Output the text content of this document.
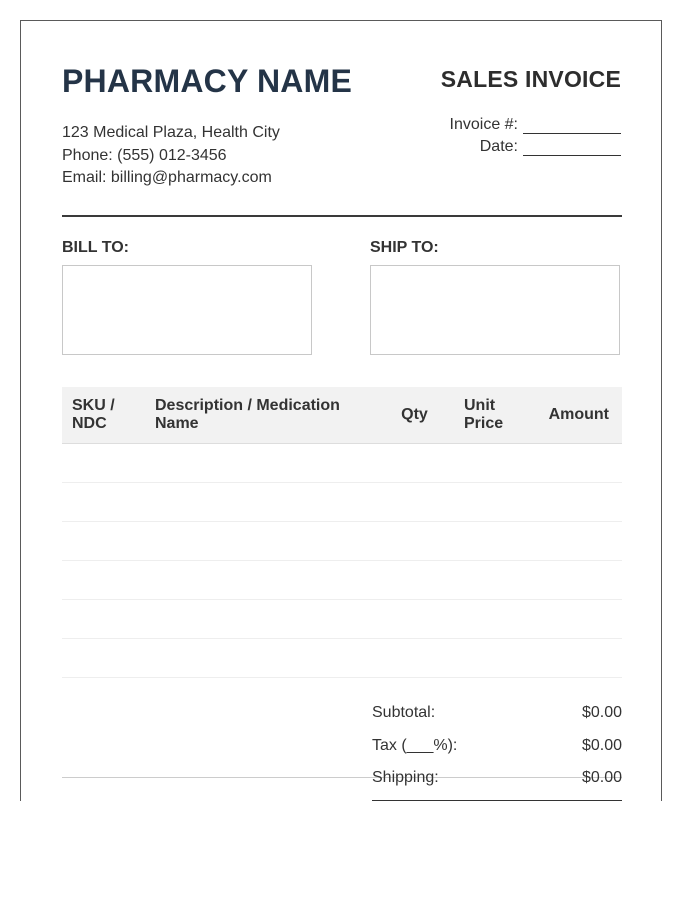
PHARMACY NAME
123 Medical Plaza, Health City
Phone: (555) 012-3456
Email: billing@pharmacy.com
SALES INVOICE
Invoice #:
Date:
BILL TO:	SHIP TO:
SKU / NDC	Description / Medication Name	Qty	Unit Price	Amount

Subtotal:	$0.00
Tax (___%):	$0.00
Shipping:	$0.00
